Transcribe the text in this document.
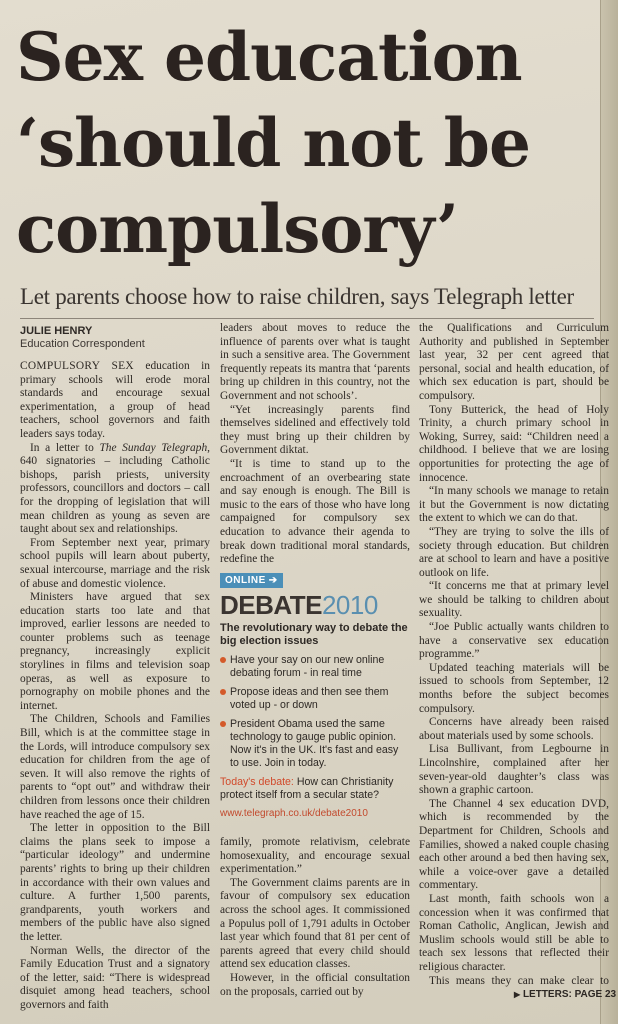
Sex education
‘should not be
compulsory’
Let parents choose how to raise children, says Telegraph letter
JULIE HENRY
Education Correspondent

COMPULSORY SEX education in primary schools will erode moral standards and encourage sexual experimentation, a group of head teachers, school governors and faith leaders says today.

In a letter to The Sunday Telegraph, 640 signatories – including Catholic bishops, parish priests, university professors, councillors and doctors – call for the dropping of legislation that will mean children as young as seven are taught about sex and relationships.

From September next year, primary school pupils will learn about puberty, sexual intercourse, marriage and the risk of abuse and domestic violence.

Ministers have argued that sex education starts too late and that improved, earlier lessons are needed to counter problems such as teenage pregnancy, increasingly explicit storylines in films and television soap operas, as well as exposure to pornography on mobile phones and the internet.

The Children, Schools and Families Bill, which is at the committee stage in the Lords, will introduce compulsory sex education for children from the age of seven. It will also remove the rights of parents to “opt out” and withdraw their children from lessons once their children have reached the age of 15.

The letter in opposition to the Bill claims the plans seek to impose a “particular ideology” and undermine parents’ rights to bring up their children in accordance with their own values and culture. A further 1,500 parents, grandparents, youth workers and members of the public have also signed the letter.

Norman Wells, the director of the Family Education Trust and a signatory of the letter, said: “There is widespread disquiet among head teachers, school governors and faith

leaders about moves to reduce the influence of parents over what is taught in such a sensitive area. The Government frequently repeats its mantra that ‘parents bring up children in this country, not the Government and not schools’.

“Yet increasingly parents find themselves sidelined and effectively told they must bring up their children by Government diktat.

“It is time to stand up to the encroachment of an overbearing state and say enough is enough. The Bill is music to the ears of those who have long campaigned for compulsory sex education to advance their agenda to break down traditional moral standards, redefine the

ONLINE ➔
DEBATE2010
The revolutionary way to debate the big election issues
Have your say on our new online debating forum - in real time
Propose ideas and then see them voted up - or down
President Obama used the same technology to gauge public opinion. Now it's in the UK. It's fast and easy to use. Join in today.
Today's debate: How can Christianity protect itself from a secular state?
www.telegraph.co.uk/debate2010

family, promote relativism, celebrate homosexuality, and encourage sexual experimentation.”

The Government claims parents are in favour of compulsory sex education across the school ages. It commissioned a Populus poll of 1,791 adults in October last year which found that 81 per cent of parents agreed that every child should attend sex education classes.

However, in the official consultation on the proposals, carried out by

the Qualifications and Curriculum Authority and published in September last year, 32 per cent agreed that personal, social and health education, of which sex education is part, should be compulsory.

Tony Butterick, the head of Holy Trinity, a church primary school in Woking, Surrey, said: “Children need a childhood. I believe that we are losing opportunities for protecting the age of innocence.

“In many schools we manage to retain it but the Government is now dictating the extent to which we can do that.

“They are trying to solve the ills of society through education. But children are at school to learn and have a positive outlook on life.

“It concerns me that at primary level we should be talking to children about sexuality.

“Joe Public actually wants children to have a conservative sex education programme.”

Updated teaching materials will be issued to schools from September, 12 months before the subject becomes compulsory.

Concerns have already been raised about materials used by some schools.

Lisa Bullivant, from Legbourne in Lincolnshire, complained after her seven-year-old daughter’s class was shown a graphic cartoon.

The Channel 4 sex education DVD, which is recommended by the Department for Children, Schools and Families, showed a naked couple chasing each other around a bed then having sex, while a voice-over gave a detailed commentary.

Last month, faith schools won a concession when it was confirmed that Roman Catholic, Anglican, Jewish and Muslim schools would still be able to teach sex lessons that reflected their religious character.

This means they can make clear to

▶ LETTERS: PAGE 23
